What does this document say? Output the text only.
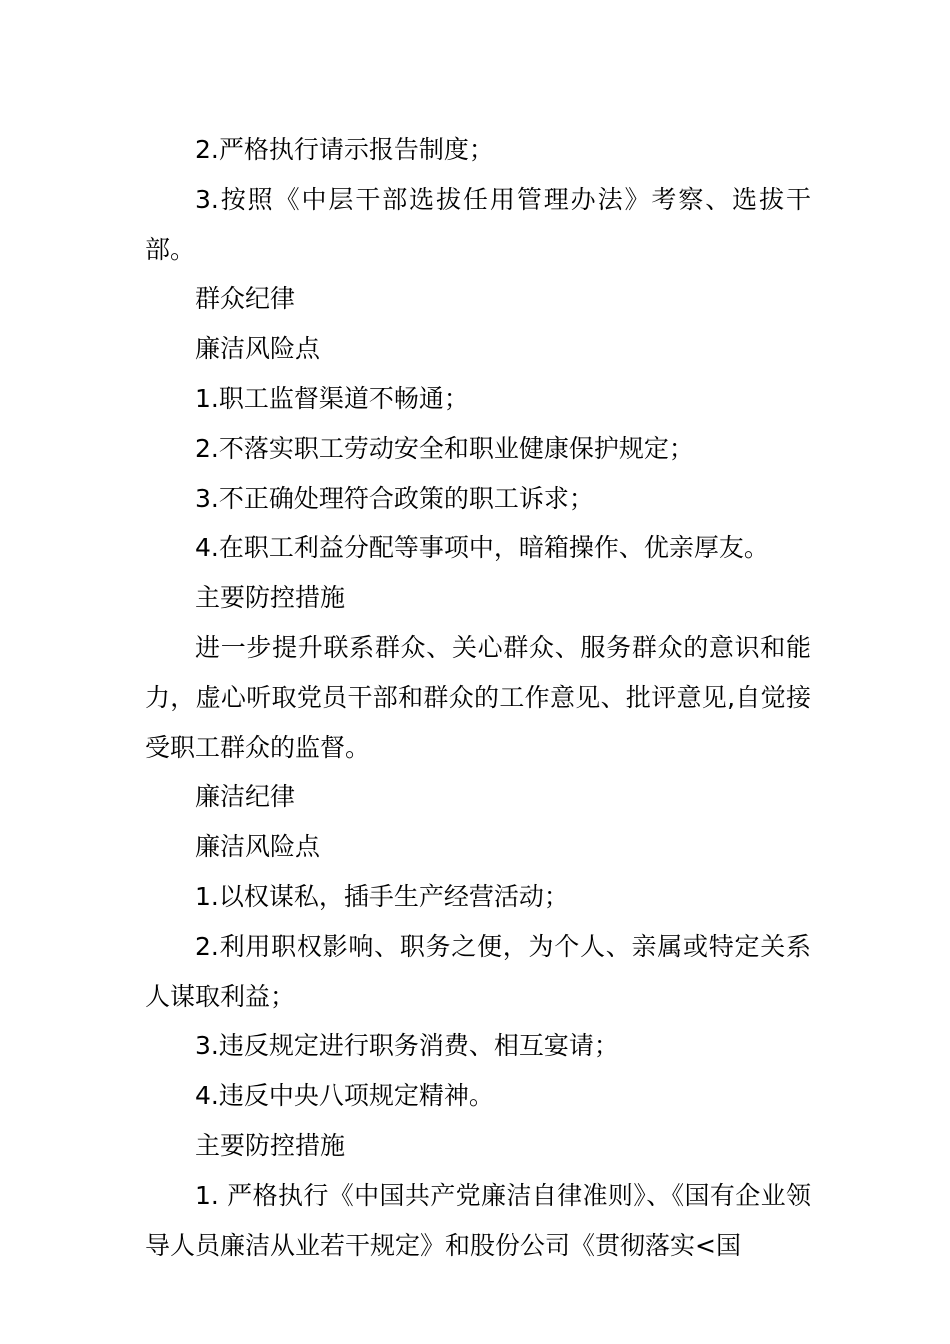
2.严格执行请示报告制度；

3.按照《中层干部选拔任用管理办法》考察、选拔干部。

群众纪律

廉洁风险点

1.职工监督渠道不畅通；

2.不落实职工劳动安全和职业健康保护规定；

3.不正确处理符合政策的职工诉求；

4.在职工利益分配等事项中，暗箱操作、优亲厚友。

主要防控措施

进一步提升联系群众、关心群众、服务群众的意识和能力，虚心听取党员干部和群众的工作意见、批评意见,自觉接受职工群众的监督。

廉洁纪律

廉洁风险点

1.以权谋私，插手生产经营活动；

2.利用职权影响、职务之便，为个人、亲属或特定关系人谋取利益；

3.违反规定进行职务消费、相互宴请；

4.违反中央八项规定精神。

主要防控措施

1. 严格执行《中国共产党廉洁自律准则》、《国有企业领导人员廉洁从业若干规定》和股份公司《贯彻落实<国
